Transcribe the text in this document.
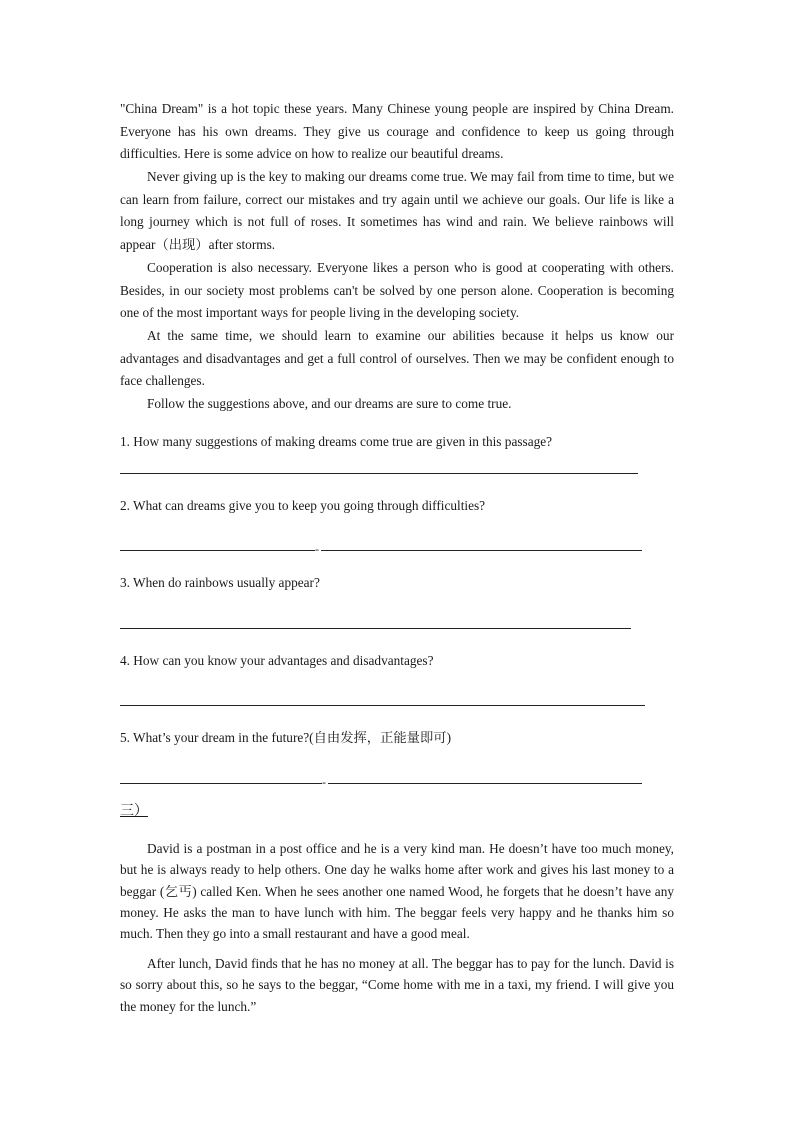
"China Dream" is a hot topic these years. Many Chinese young people are inspired by China Dream. Everyone has his own dreams. They give us courage and confidence to keep us going through difficulties. Here is some advice on how to realize our beautiful dreams.

Never giving up is the key to making our dreams come true. We may fail from time to time, but we can learn from failure, correct our mistakes and try again until we achieve our goals. Our life is like a long journey which is not full of roses. It sometimes has wind and rain. We believe rainbows will appear（出现）after storms.

Cooperation is also necessary. Everyone likes a person who is good at cooperating with others. Besides, in our society most problems can't be solved by one person alone. Cooperation is becoming one of the most important ways for people living in the developing society.

At the same time, we should learn to examine our abilities because it helps us know our advantages and disadvantages and get a full control of ourselves. Then we may be confident enough to face challenges.

Follow the suggestions above, and our dreams are sure to come true.

1. How many suggestions of making dreams come true are given in this passage?

2. What can dreams give you to keep you going through difficulties?

-

3. When do rainbows usually appear?

4. How can you know your advantages and disadvantages?

5. What’s your dream in the future?(自由发挥，正能量即可)

-
三）

David is a postman in a post office and he is a very kind man. He doesn’t have too much money, but he is always ready to help others. One day he walks home after work and gives his last money to a beggar (乞丐) called Ken. When he sees another one named Wood, he forgets that he doesn’t have any money. He asks the man to have lunch with him. The beggar feels very happy and he thanks him so much. Then they go into a small restaurant and have a good meal.

After lunch, David finds that he has no money at all. The beggar has to pay for the lunch. David is so sorry about this, so he says to the beggar, “Come home with me in a taxi, my friend. I will give you the money for the lunch.”
